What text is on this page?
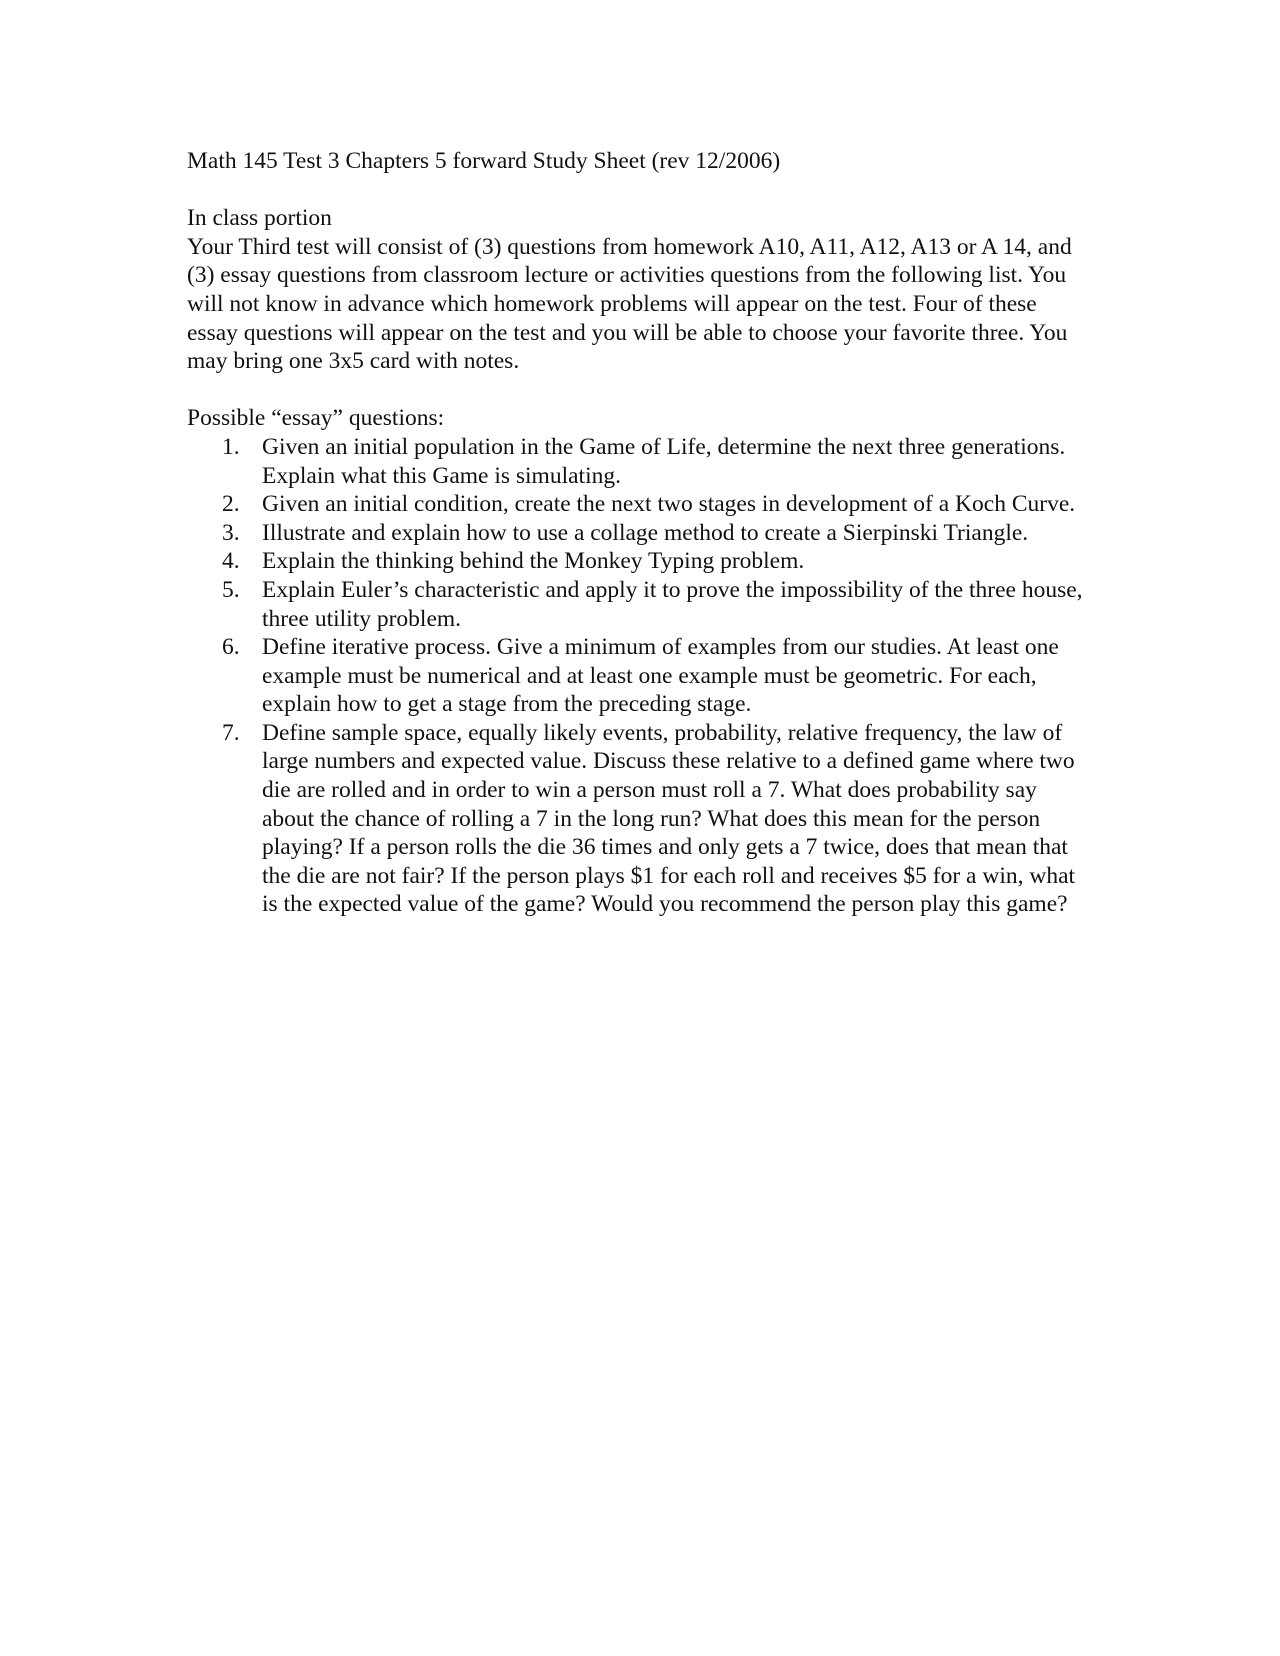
Math 145 Test 3 Chapters 5 forward Study Sheet (rev 12/2006)

In class portion

Your Third test will consist of (3) questions from homework A10, A11, A12, A13 or A 14, and (3) essay questions from classroom lecture or activities questions from the following list. You will not know in advance which homework problems will appear on the test. Four of these essay questions will appear on the test and you will be able to choose your favorite three. You may bring one 3x5 card with notes.

Possible “essay” questions:

1. Given an initial population in the Game of Life, determine the next three generations. Explain what this Game is simulating.
2. Given an initial condition, create the next two stages in development of a Koch Curve.
3. Illustrate and explain how to use a collage method to create a Sierpinski Triangle.
4. Explain the thinking behind the Monkey Typing problem.
5. Explain Euler’s characteristic and apply it to prove the impossibility of the three house, three utility problem.
6. Define iterative process. Give a minimum of examples from our studies. At least one example must be numerical and at least one example must be geometric. For each, explain how to get a stage from the preceding stage.
7. Define sample space, equally likely events, probability, relative frequency, the law of large numbers and expected value. Discuss these relative to a defined game where two die are rolled and in order to win a person must roll a 7. What does probability say about the chance of rolling a 7 in the long run? What does this mean for the person playing? If a person rolls the die 36 times and only gets a 7 twice, does that mean that the die are not fair? If the person plays $1 for each roll and receives $5 for a win, what is the expected value of the game? Would you recommend the person play this game?
